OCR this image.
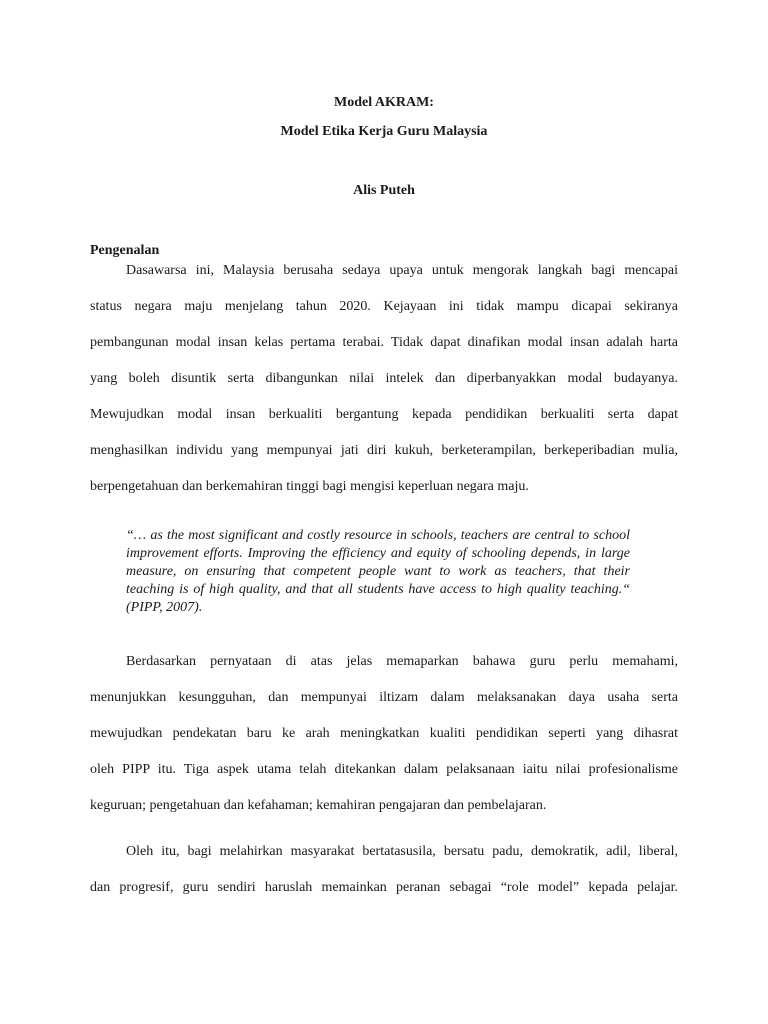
Model AKRAM:
Model Etika Kerja Guru Malaysia
Alis Puteh
Pengenalan
Dasawarsa ini, Malaysia berusaha sedaya upaya untuk mengorak langkah bagi mencapai
status negara maju menjelang tahun 2020. Kejayaan ini tidak mampu dicapai sekiranya
pembangunan modal insan kelas pertama terabai. Tidak dapat dinafikan modal insan adalah harta
yang boleh disuntik serta dibangunkan nilai intelek dan diperbanyakkan modal budayanya.
Mewujudkan modal insan berkualiti bergantung kepada pendidikan berkualiti serta dapat
menghasilkan individu yang mempunyai jati diri kukuh, berketerampilan, berkeperibadian mulia,
berpengetahuan dan berkemahiran tinggi bagi mengisi keperluan negara maju.
“… as the most significant and costly resource in schools, teachers are central to school
improvement efforts. Improving the efficiency and equity of schooling depends, in large
measure, on ensuring that competent people want to work as teachers, that their
teaching is of high quality, and that all students have access to high quality teaching.“
(PIPP, 2007).
Berdasarkan pernyataan di atas jelas memaparkan bahawa guru perlu memahami,
menunjukkan kesungguhan, dan mempunyai iltizam dalam melaksanakan daya usaha serta
mewujudkan pendekatan baru ke arah meningkatkan kualiti pendidikan seperti yang dihasrat
oleh PIPP itu. Tiga aspek utama telah ditekankan dalam pelaksanaan iaitu nilai profesionalisme
keguruan; pengetahuan dan kefahaman; kemahiran pengajaran dan pembelajaran.
Oleh itu, bagi melahirkan masyarakat bertatasusila, bersatu padu, demokratik, adil, liberal,
dan progresif, guru sendiri haruslah memainkan peranan sebagai “role model” kepada pelajar.
